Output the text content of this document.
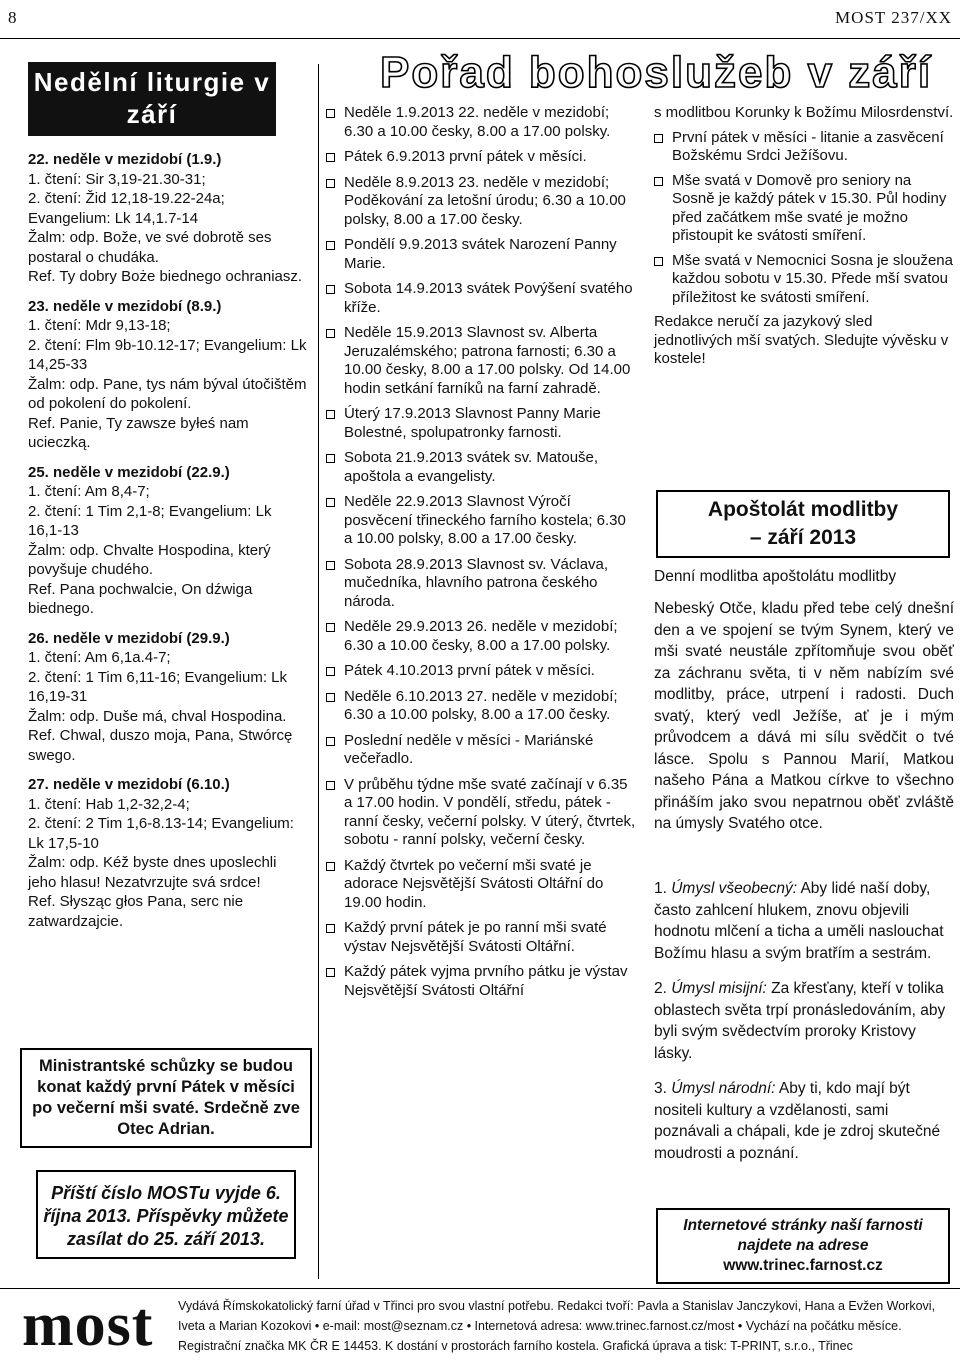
8	MOST 237/XX
Nedělní liturgie v září

22. neděle v mezidobí (1.9.)

1. čtení: Sir 3,19-21.30-31;

2. čtení: Žid 12,18-19.22-24a; Evangelium: Lk 14,1.7-14

Žalm: odp. Bože, ve své dobrotě ses postaral o chudáka.

Ref. Ty dobry Boże biednego ochraniasz.

23. neděle v mezidobí (8.9.)

1. čtení: Mdr 9,13-18;

2. čtení: Flm 9b-10.12-17; Evangelium: Lk 14,25-33

Žalm: odp. Pane, tys nám býval útočištěm od pokolení do pokolení.

Ref. Panie, Ty zawsze byłeś nam ucieczką.

25. neděle v mezidobí (22.9.)

1. čtení: Am 8,4-7;

2. čtení: 1 Tim 2,1-8; Evangelium: Lk 16,1-13

Žalm: odp. Chvalte Hospodina, který povyšuje chudého.

Ref. Pana pochwalcie, On dźwiga biednego.

26. neděle v mezidobí (29.9.)

1. čtení: Am 6,1a.4-7;

2. čtení: 1 Tim 6,11-16; Evangelium: Lk 16,19-31

Žalm: odp. Duše má, chval Hospodina.

Ref. Chwal, duszo moja, Pana, Stwórcę swego.

27. neděle v mezidobí (6.10.)

1. čtení: Hab 1,2-32,2-4;

2. čtení: 2 Tim 1,6-8.13-14; Evangelium: Lk 17,5-10

Žalm: odp. Kéž byste dnes uposlechli jeho hlasu! Nezatvrzujte svá srdce!

Ref. Słysząc głos Pana, serc nie zatwardzajcie.

Ministrantské schůzky se budou konat každý první Pátek v měsíci po večerní mši svaté. Srdečně zve Otec Adrian.
Příští číslo MOSTu vyjde 6. října 2013. Příspěvky můžete zasílat do 25. září 2013.
Pořad bohoslužeb v září
Neděle 1.9.2013 22. neděle v mezidobí; 6.30 a 10.00 česky, 8.00 a 17.00 polsky.
Pátek 6.9.2013 první pátek v měsíci.
Neděle 8.9.2013 23. neděle v mezidobí; Poděkování za letošní úrodu; 6.30 a 10.00 polsky, 8.00 a 17.00 česky.
Pondělí 9.9.2013 svátek Narození Panny Marie.
Sobota 14.9.2013 svátek Povýšení svatého kříže.
Neděle 15.9.2013 Slavnost sv. Alberta Jeruzalémského; patrona farnosti; 6.30 a 10.00 česky, 8.00 a 17.00 polsky. Od 14.00 hodin setkání farníků na farní zahradě.
Úterý 17.9.2013 Slavnost Panny Marie Bolestné, spolupatronky farnosti.
Sobota 21.9.2013 svátek sv. Matouše, apoštola a evangelisty.
Neděle 22.9.2013 Slavnost Výročí posvěcení třineckého farního kostela; 6.30 a 10.00 polsky, 8.00 a 17.00 česky.
Sobota 28.9.2013 Slavnost sv. Václava, mučedníka, hlavního patrona českého národa.
Neděle 29.9.2013 26. neděle v mezidobí; 6.30 a 10.00 česky, 8.00 a 17.00 polsky.
Pátek 4.10.2013 první pátek v měsíci.
Neděle 6.10.2013 27. neděle v mezidobí; 6.30 a 10.00 polsky, 8.00 a 17.00 česky.
Poslední neděle v měsíci - Mariánské večeřadlo.
V průběhu týdne mše svaté začínají v 6.35 a 17.00 hodin. V pondělí, středu, pátek - ranní česky, večerní polsky. V úterý, čtvrtek, sobotu - ranní polsky, večerní česky.
Každý čtvrtek po večerní mši svaté je adorace Nejsvětější Svátosti Oltářní do 19.00 hodin.
Každý první pátek je po ranní mši svaté výstav Nejsvětější Svátosti Oltářní.
Každý pátek vyjma prvního pátku je výstav Nejsvětější Svátosti Oltářní

s modlitbou Korunky k Božímu Milosrdenství.

První pátek v měsíci - litanie a zasvěcení Božskému Srdci Ježíšovu.
Mše svatá v Domově pro seniory na Sosně je každý pátek v 15.30. Půl hodiny před začátkem mše svaté je možno přistoupit ke svátosti smíření.
Mše svatá v Nemocnici Sosna je sloužena každou sobotu v 15.30. Přede mší svatou příležitost ke svátosti smíření.

Redakce neručí za jazykový sled jednotlivých mší svatých. Sledujte vývěsku v kostele!

Apoštolát modlitby
– září 2013
Denní modlitba apoštolátu modlitby
Nebeský Otče, kladu před tebe celý dnešní den a ve spojení se tvým Synem, který ve mši svaté neustále zpřítomňuje svou oběť za záchranu světa, ti v něm nabízím své modlitby, práce, utrpení i radosti. Duch svatý, který vedl Ježíše, ať je i mým průvodcem a dává mi sílu svědčit o tvé lásce. Spolu s Pannou Marií, Matkou našeho Pána a Matkou církve to všechno přináším jako svou nepatrnou oběť zvláště na úmysly Svatého otce.

1. Úmysl všeobecný: Aby lidé naší doby, často zahlcení hlukem, znovu objevili hodnotu mlčení a ticha a uměli naslouchat Božímu hlasu a svým bratřím a sestrám.

2. Úmysl misijní: Za křesťany, kteří v tolika oblastech světa trpí pronásledováním, aby byli svým svědectvím proroky Kristovy lásky.

3. Úmysl národní: Aby ti, kdo mají být nositeli kultury a vzdělanosti, sami poznávali a chápali, kde je zdroj skutečné moudrosti a poznání.

Internetové stránky naší farnosti najdete na adrese
www.trinec.farnost.cz
most Vydává Římskokatolický farní úřad v Třinci pro svou vlastní potřebu. Redakci tvoří: Pavla a Stanislav Janczykovi, Hana a Evžen Workovi, Iveta a Marian Kozokovi • e-mail: most@seznam.cz • Internetová adresa: www.trinec.farnost.cz/most • Vychází na počátku měsíce. Registrační značka MK ČR E 14453. K dostání v prostorách farního kostela. Grafická úprava a tisk: T-PRINT, s.r.o., Třinec
